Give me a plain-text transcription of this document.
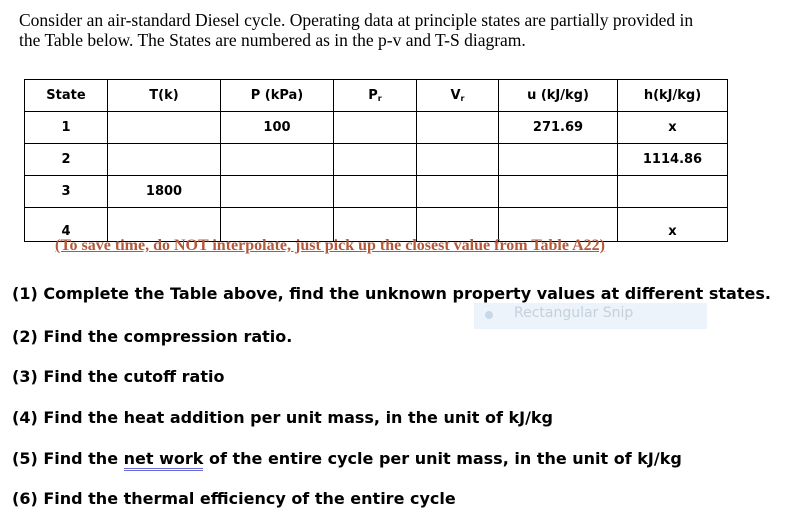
Consider an air-standard Diesel cycle. Operating data at principle states are partially provided in
the Table below. The States are numbered as in the p-v and T-S diagram.
State	T(k)	P (kPa)	$P_r$	$V_r$	u (kJ/kg)	h(kJ/kg)
1		100			271.69	x
2						1114.86
3	1800					
4						x
(To save time, do NOT interpolate, just pick up the closest value from Table A22)
Rectangular Snip
(1) Complete the Table above, find the unknown property values at different states.
(2) Find the compression ratio.
(3) Find the cutoff ratio
(4) Find the heat addition per unit mass, in the unit of kJ/kg
(5) Find the net work of the entire cycle per unit mass, in the unit of kJ/kg
(6) Find the thermal efficiency of the entire cycle
